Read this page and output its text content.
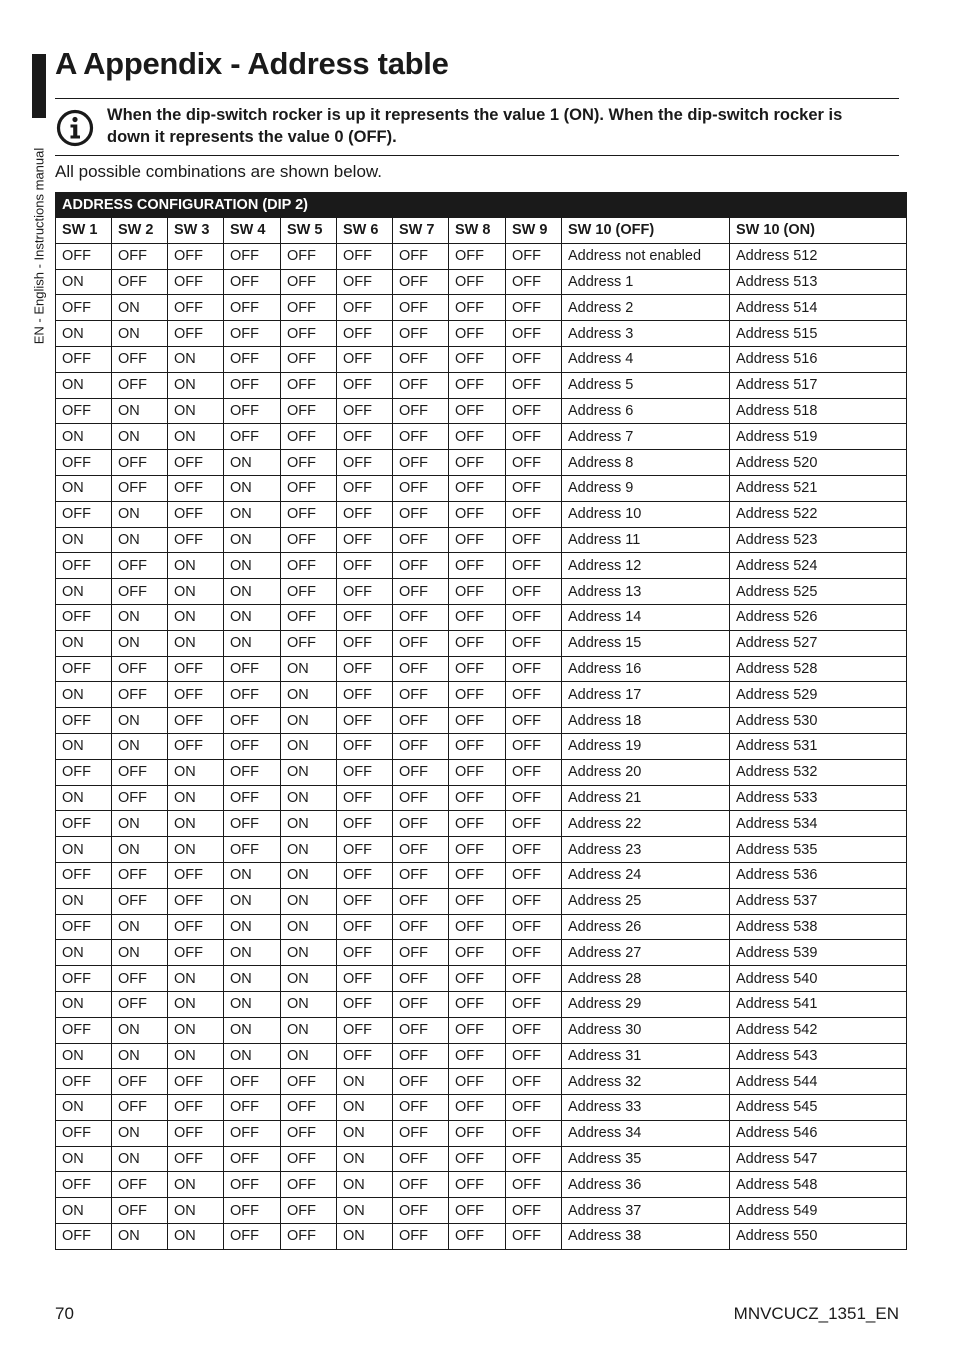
EN - English - Instructions manual
A Appendix - Address table
When the dip-switch rocker is up it represents the value 1 (ON). When the dip-switch rocker is down it represents the value 0 (OFF).
All possible combinations are shown below.
ADDRESS CONFIGURATION (DIP 2)										
SW 1	SW 2	SW 3	SW 4	SW 5	SW 6	SW 7	SW 8	SW 9	SW 10 (OFF)	SW 10 (ON)
OFF	OFF	OFF	OFF	OFF	OFF	OFF	OFF	OFF	Address not enabled	Address 512
ON	OFF	OFF	OFF	OFF	OFF	OFF	OFF	OFF	Address 1	Address 513
OFF	ON	OFF	OFF	OFF	OFF	OFF	OFF	OFF	Address 2	Address 514
ON	ON	OFF	OFF	OFF	OFF	OFF	OFF	OFF	Address 3	Address 515
OFF	OFF	ON	OFF	OFF	OFF	OFF	OFF	OFF	Address 4	Address 516
ON	OFF	ON	OFF	OFF	OFF	OFF	OFF	OFF	Address 5	Address 517
OFF	ON	ON	OFF	OFF	OFF	OFF	OFF	OFF	Address 6	Address 518
ON	ON	ON	OFF	OFF	OFF	OFF	OFF	OFF	Address 7	Address 519
OFF	OFF	OFF	ON	OFF	OFF	OFF	OFF	OFF	Address 8	Address 520
ON	OFF	OFF	ON	OFF	OFF	OFF	OFF	OFF	Address 9	Address 521
OFF	ON	OFF	ON	OFF	OFF	OFF	OFF	OFF	Address 10	Address 522
ON	ON	OFF	ON	OFF	OFF	OFF	OFF	OFF	Address 11	Address 523
OFF	OFF	ON	ON	OFF	OFF	OFF	OFF	OFF	Address 12	Address 524
ON	OFF	ON	ON	OFF	OFF	OFF	OFF	OFF	Address 13	Address 525
OFF	ON	ON	ON	OFF	OFF	OFF	OFF	OFF	Address 14	Address 526
ON	ON	ON	ON	OFF	OFF	OFF	OFF	OFF	Address 15	Address 527
OFF	OFF	OFF	OFF	ON	OFF	OFF	OFF	OFF	Address 16	Address 528
ON	OFF	OFF	OFF	ON	OFF	OFF	OFF	OFF	Address 17	Address 529
OFF	ON	OFF	OFF	ON	OFF	OFF	OFF	OFF	Address 18	Address 530
ON	ON	OFF	OFF	ON	OFF	OFF	OFF	OFF	Address 19	Address 531
OFF	OFF	ON	OFF	ON	OFF	OFF	OFF	OFF	Address 20	Address 532
ON	OFF	ON	OFF	ON	OFF	OFF	OFF	OFF	Address 21	Address 533
OFF	ON	ON	OFF	ON	OFF	OFF	OFF	OFF	Address 22	Address 534
ON	ON	ON	OFF	ON	OFF	OFF	OFF	OFF	Address 23	Address 535
OFF	OFF	OFF	ON	ON	OFF	OFF	OFF	OFF	Address 24	Address 536
ON	OFF	OFF	ON	ON	OFF	OFF	OFF	OFF	Address 25	Address 537
OFF	ON	OFF	ON	ON	OFF	OFF	OFF	OFF	Address 26	Address 538
ON	ON	OFF	ON	ON	OFF	OFF	OFF	OFF	Address 27	Address 539
OFF	OFF	ON	ON	ON	OFF	OFF	OFF	OFF	Address 28	Address 540
ON	OFF	ON	ON	ON	OFF	OFF	OFF	OFF	Address 29	Address 541
OFF	ON	ON	ON	ON	OFF	OFF	OFF	OFF	Address 30	Address 542
ON	ON	ON	ON	ON	OFF	OFF	OFF	OFF	Address 31	Address 543
OFF	OFF	OFF	OFF	OFF	ON	OFF	OFF	OFF	Address 32	Address 544
ON	OFF	OFF	OFF	OFF	ON	OFF	OFF	OFF	Address 33	Address 545
OFF	ON	OFF	OFF	OFF	ON	OFF	OFF	OFF	Address 34	Address 546
ON	ON	OFF	OFF	OFF	ON	OFF	OFF	OFF	Address 35	Address 547
OFF	OFF	ON	OFF	OFF	ON	OFF	OFF	OFF	Address 36	Address 548
ON	OFF	ON	OFF	OFF	ON	OFF	OFF	OFF	Address 37	Address 549
OFF	ON	ON	OFF	OFF	ON	OFF	OFF	OFF	Address 38	Address 550
70	MNVCUCZ_1351_EN
